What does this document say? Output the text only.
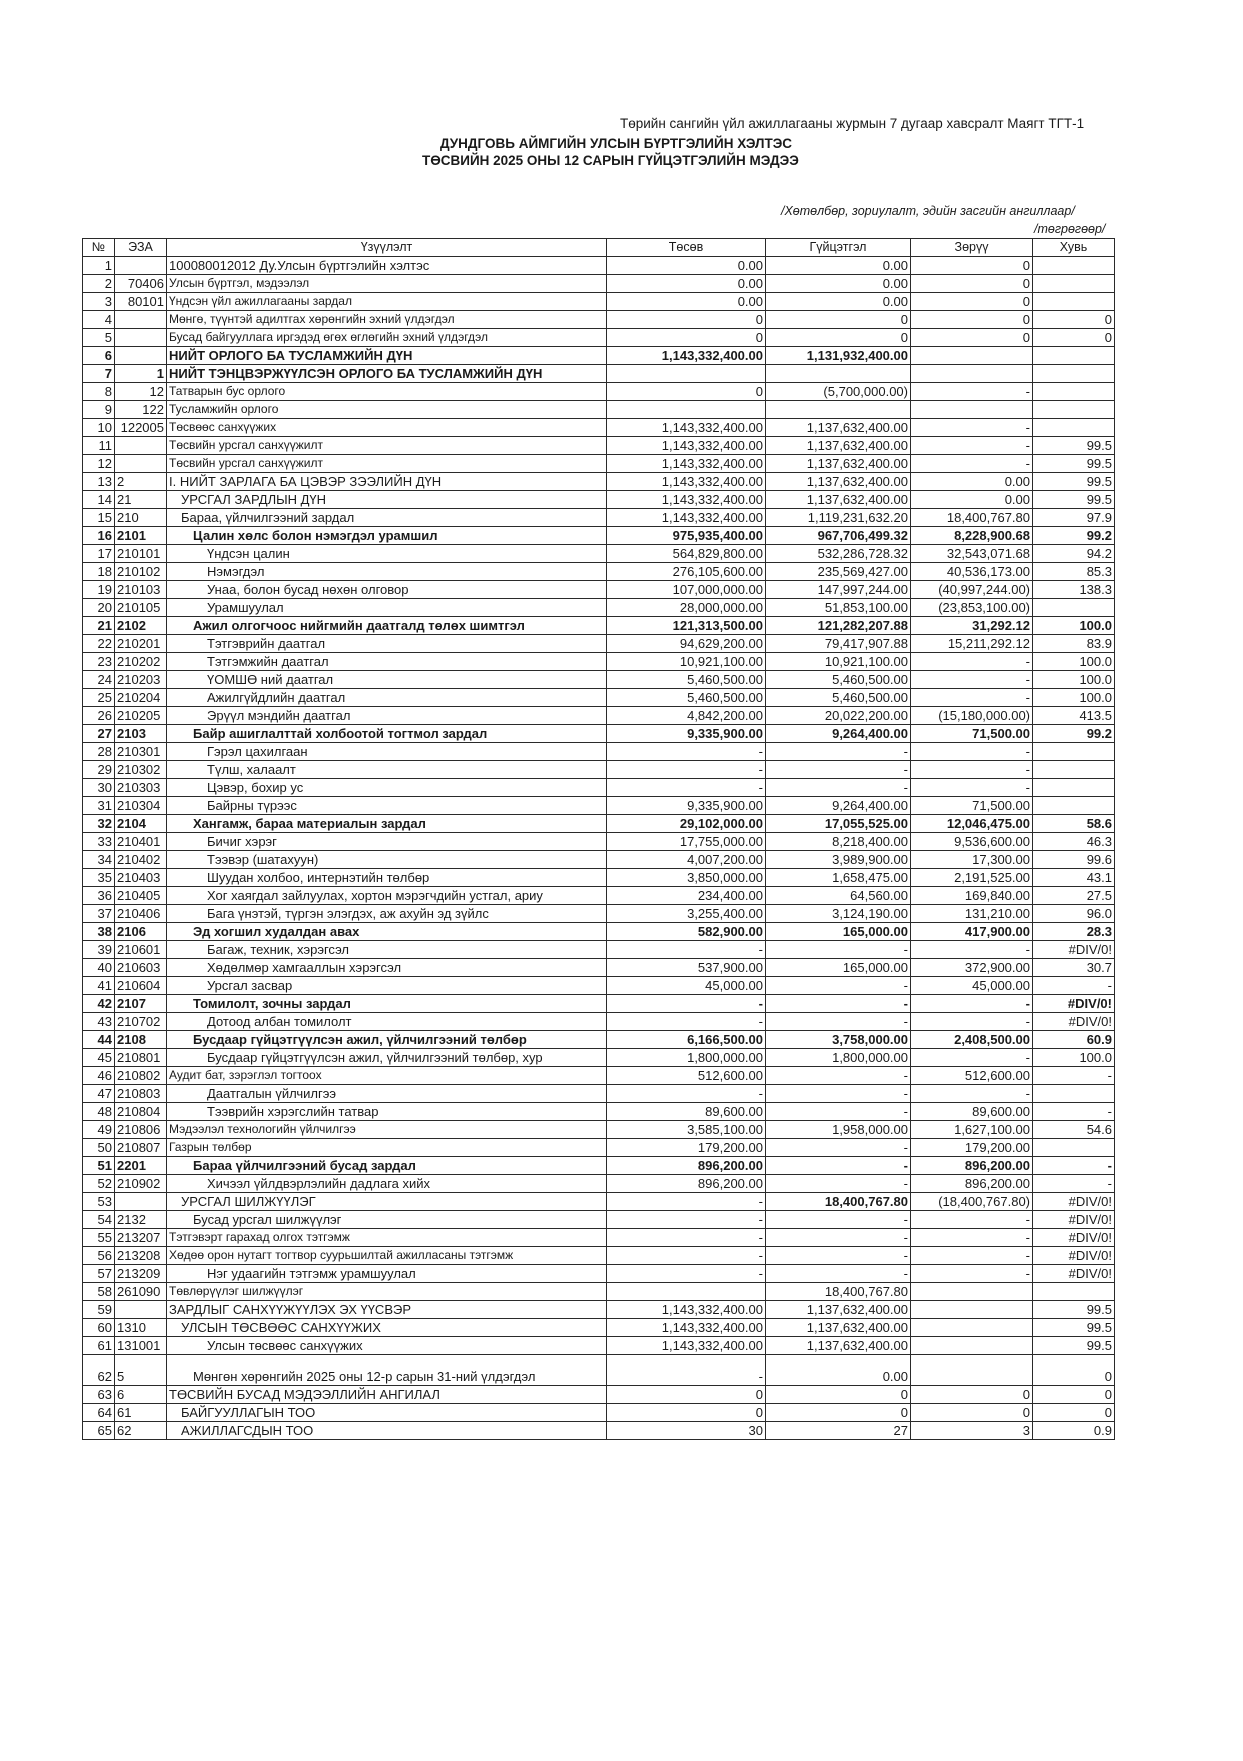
Төрийн сангийн үйл ажиллагааны журмын 7 дугаар хавсралт Маягт ТГТ-1
ДУНДГОВЬ АЙМГИЙН УЛСЫН БҮРТГЭЛИЙН ХЭЛТЭС
ТӨСВИЙН 2025 ОНЫ 12 САРЫН ГҮЙЦЭТГЭЛИЙН МЭДЭЭ
/Хөтөлбөр, зориулалт, эдийн засгийн ангиллаар/
/төгрөгөөр/
№	ЭЗА	Үзүүлэлт	Төсөв	Гүйцэтгэл	Зөрүү	Хувь
1		100080012012 Ду.Улсын бүртгэлийн хэлтэс	0.00	0.00	0	
2	70406	Улсын бүртгэл, мэдээлэл	0.00	0.00	0	
3	80101	Үндсэн үйл ажиллагааны зардал	0.00	0.00	0	
4		Мөнгө, түүнтэй адилтгах хөрөнгийн эхний үлдэгдэл	0	0	0	0
5		Бусад байгууллага иргэдэд өгөх өглөгийн эхний үлдэгдэл	0	0	0	0
6		НИЙТ ОРЛОГО БА ТУСЛАМЖИЙН ДҮН	1,143,332,400.00	1,131,932,400.00		
7	1	НИЙТ ТЭНЦВЭРЖҮҮЛСЭН ОРЛОГО БА ТУСЛАМЖИЙН ДҮН				
8	12	Татварын бус орлого	0	(5,700,000.00)	-	
9	122	Тусламжийн орлого				
10	122005	Төсвөөс санхүүжих	1,143,332,400.00	1,137,632,400.00	-	
11		Төсвийн урсгал санхүүжилт	1,143,332,400.00	1,137,632,400.00	-	99.5
12		Төсвийн урсгал санхүүжилт	1,143,332,400.00	1,137,632,400.00	-	99.5
13	2	I. НИЙТ ЗАРЛАГА БА ЦЭВЭР ЗЭЭЛИЙН ДҮН	1,143,332,400.00	1,137,632,400.00	0.00	99.5
14	21	УРСГАЛ ЗАРДЛЫН ДҮН	1,143,332,400.00	1,137,632,400.00	0.00	99.5
15	210	Бараа, үйлчилгээний зардал	1,143,332,400.00	1,119,231,632.20	18,400,767.80	97.9
16	2101	Цалин хөлс болон нэмэгдэл урамшил	975,935,400.00	967,706,499.32	8,228,900.68	99.2
17	210101	Үндсэн цалин	564,829,800.00	532,286,728.32	32,543,071.68	94.2
18	210102	Нэмэгдэл	276,105,600.00	235,569,427.00	40,536,173.00	85.3
19	210103	Унаа, болон бусад нөхөн олговор	107,000,000.00	147,997,244.00	(40,997,244.00)	138.3
20	210105	Урамшуулал	28,000,000.00	51,853,100.00	(23,853,100.00)	
21	2102	Ажил олгогчоос нийгмийн даатгалд төлөх шимтгэл	121,313,500.00	121,282,207.88	31,292.12	100.0
22	210201	Тэтгэврийн даатгал	94,629,200.00	79,417,907.88	15,211,292.12	83.9
23	210202	Тэтгэмжийн даатгал	10,921,100.00	10,921,100.00	-	100.0
24	210203	ҮОМШӨ ний даатгал	5,460,500.00	5,460,500.00	-	100.0
25	210204	Ажилгүйдлийн даатгал	5,460,500.00	5,460,500.00	-	100.0
26	210205	Эрүүл мэндийн даатгал	4,842,200.00	20,022,200.00	(15,180,000.00)	413.5
27	2103	Байр ашиглалттай холбоотой тогтмол зардал	9,335,900.00	9,264,400.00	71,500.00	99.2
28	210301	Гэрэл цахилгаан	-	-	-	
29	210302	Түлш, халаалт	-	-	-	
30	210303	Цэвэр, бохир ус	-	-	-	
31	210304	Байрны түрээс	9,335,900.00	9,264,400.00	71,500.00	
32	2104	Хангамж, бараа материалын зардал	29,102,000.00	17,055,525.00	12,046,475.00	58.6
33	210401	Бичиг хэрэг	17,755,000.00	8,218,400.00	9,536,600.00	46.3
34	210402	Тээвэр (шатахуун)	4,007,200.00	3,989,900.00	17,300.00	99.6
35	210403	Шуудан холбоо, интернэтийн төлбөр	3,850,000.00	1,658,475.00	2,191,525.00	43.1
36	210405	Хог хаягдал зайлуулах, хортон мэрэгчдийн устгал, ариу	234,400.00	64,560.00	169,840.00	27.5
37	210406	Бага үнэтэй, түргэн элэгдэх, аж ахуйн эд зүйлс	3,255,400.00	3,124,190.00	131,210.00	96.0
38	2106	Эд хогшил худалдан авах	582,900.00	165,000.00	417,900.00	28.3
39	210601	Багаж, техник, хэрэгсэл	-	-	-	#DIV/0!
40	210603	Хөдөлмөр хамгааллын хэрэгсэл	537,900.00	165,000.00	372,900.00	30.7
41	210604	Урсгал засвар	45,000.00	-	45,000.00	-
42	2107	Томилолт, зочны зардал	-	-	-	#DIV/0!
43	210702	Дотоод албан томилолт	-	-	-	#DIV/0!
44	2108	Бусдаар гүйцэтгүүлсэн ажил, үйлчилгээний төлбөр	6,166,500.00	3,758,000.00	2,408,500.00	60.9
45	210801	Бусдаар гүйцэтгүүлсэн ажил, үйлчилгээний төлбөр, хур	1,800,000.00	1,800,000.00	-	100.0
46	210802	Аудит бат, зэрэглэл тогтоох	512,600.00	-	512,600.00	-
47	210803	Даатгалын үйлчилгээ	-	-	-	
48	210804	Тээврийн хэрэгслийн татвар	89,600.00	-	89,600.00	-
49	210806	Мэдээлэл технологийн үйлчилгээ	3,585,100.00	1,958,000.00	1,627,100.00	54.6
50	210807	Газрын төлбөр	179,200.00	-	179,200.00	
51	2201	Бараа үйлчилгээний бусад зардал	896,200.00	-	896,200.00	-
52	210902	Хичээл үйлдвэрлэлийн дадлага хийх	896,200.00	-	896,200.00	-
53		УРСГАЛ ШИЛЖҮҮЛЭГ	-	18,400,767.80	(18,400,767.80)	#DIV/0!
54	2132	Бусад урсгал шилжүүлэг	-	-	-	#DIV/0!
55	213207	Тэтгэвэрт гарахад олгох тэтгэмж	-	-	-	#DIV/0!
56	213208	Хөдөө орон нутагт тогтвор суурьшилтай ажилласаны тэтгэмж	-	-	-	#DIV/0!
57	213209	Нэг удаагийн тэтгэмж урамшуулал	-	-	-	#DIV/0!
58	261090	Төвлөрүүлэг шилжүүлэг		18,400,767.80		
59		ЗАРДЛЫГ САНХҮҮЖҮҮЛЭХ ЭХ ҮҮСВЭР	1,143,332,400.00	1,137,632,400.00		99.5
60	1310	УЛСЫН ТӨСВӨӨС САНХҮҮЖИХ	1,143,332,400.00	1,137,632,400.00		99.5
61	131001	Улсын төсвөөс санхүүжих	1,143,332,400.00	1,137,632,400.00		99.5
62	5	Мөнгөн хөрөнгийн 2025 оны 12-р сарын 31-ний үлдэгдэл	-	0.00		0
63	6	ТӨСВИЙН БУСАД МЭДЭЭЛЛИЙН АНГИЛАЛ	0	0	0	0
64	61	БАЙГУУЛЛАГЫН ТОО	0	0	0	0
65	62	АЖИЛЛАГСДЫН ТОО	30	27	3	0.9
